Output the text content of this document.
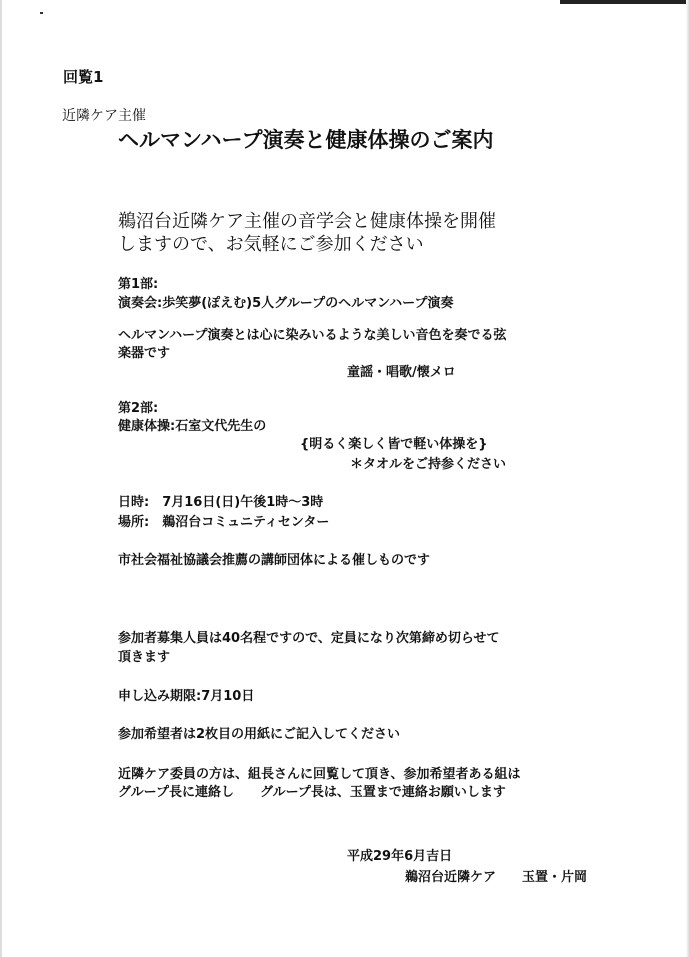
回覧1

近隣ケア主催

ヘルマンハープ演奏と健康体操のご案内

鵜沼台近隣ケア主催の音学会と健康体操を開催

しますので、お気軽にご参加ください

第1部:

演奏会:歩笑夢(ぽえむ)5人グループのヘルマンハープ演奏

ヘルマンハープ演奏とは心に染みいるような美しい音色を奏でる弦

楽器です

童謡・唱歌/懐メロ

第2部:

健康体操:石室文代先生の

{明るく楽しく皆で軽い体操を}

＊タオルをご持参ください

日時:　7月16日(日)午後1時～3時

場所:　鵜沼台コミュニティセンター

市社会福祉協議会推薦の講師団体による催しものです

参加者募集人員は40名程ですので、定員になり次第締め切らせて

頂きます

申し込み期限:7月10日

参加希望者は2枚目の用紙にご記入してください

近隣ケア委員の方は、組長さんに回覧して頂き、参加希望者ある組は

グループ長に連絡し　　グループ長は、玉置まで連絡お願いします

平成29年6月吉日

鵜沼台近隣ケア　　玉置・片岡
